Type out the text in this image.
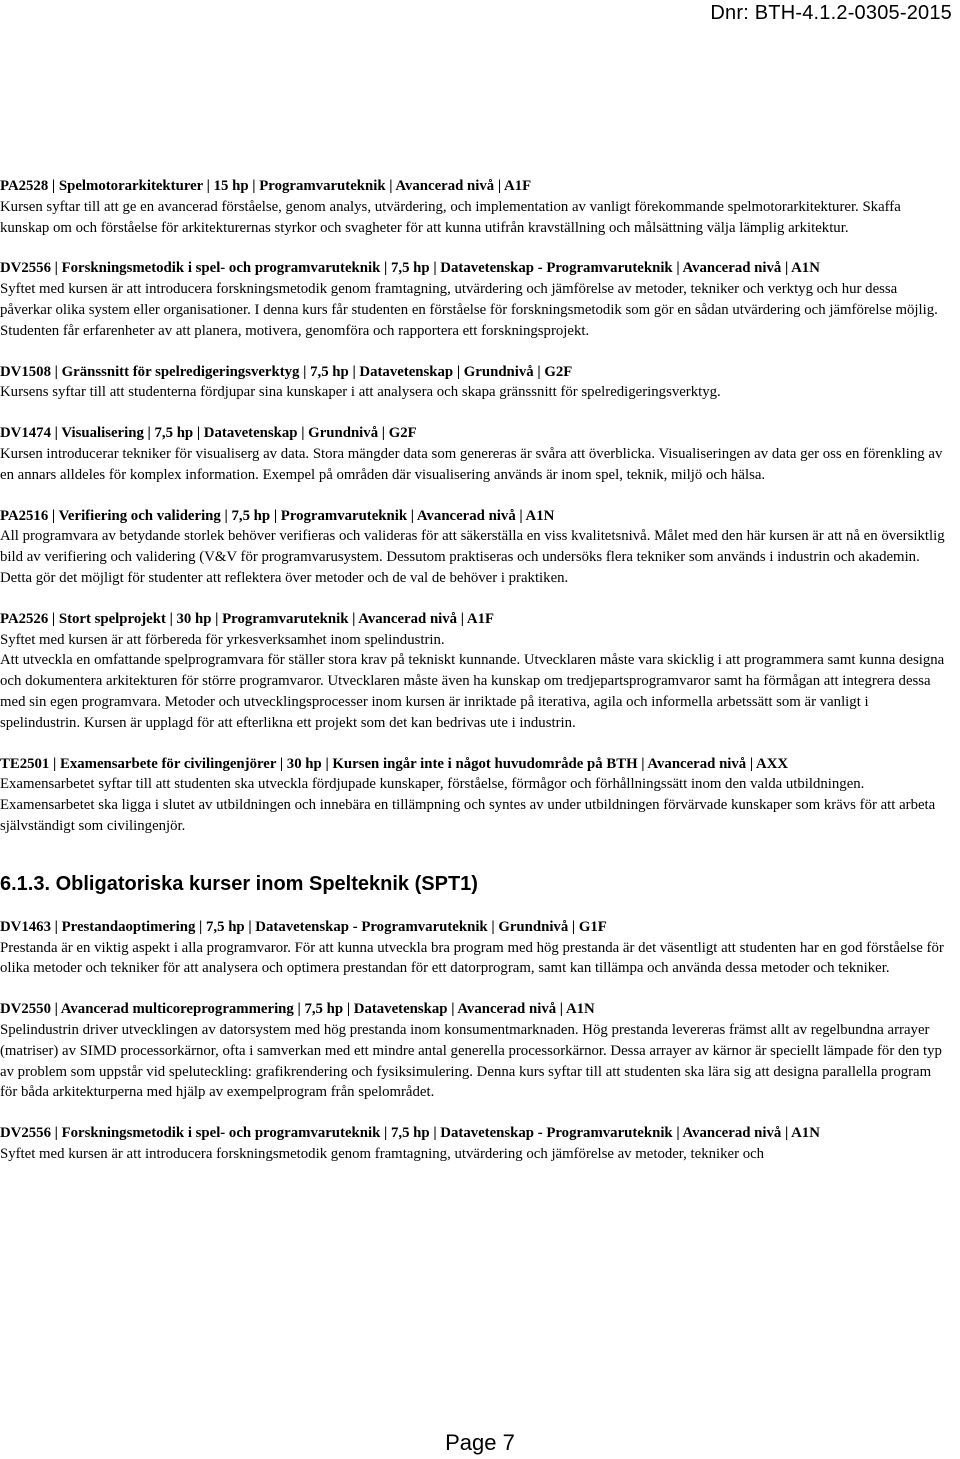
Dnr: BTH-4.1.2-0305-2015
PA2528 | Spelmotorarkitekturer | 15 hp | Programvaruteknik | Avancerad nivå | A1F

Kursen syftar till att ge en avancerad förståelse, genom analys, utvärdering, och implementation av vanligt förekommande spelmotorarkitekturer. Skaffa kunskap om och förståelse för arkitekturernas styrkor och svagheter för att kunna utifrån kravställning och målsättning välja lämplig arkitektur.

DV2556 | Forskningsmetodik i spel- och programvaruteknik | 7,5 hp | Datavetenskap - Programvaruteknik | Avancerad nivå | A1N

Syftet med kursen är att introducera forskningsmetodik genom framtagning, utvärdering och jämförelse av metoder, tekniker och verktyg och hur dessa påverkar olika system eller organisationer. I denna kurs får studenten en förståelse för forskningsmetodik som gör en sådan utvärdering och jämförelse möjlig. Studenten får erfarenheter av att planera, motivera, genomföra och rapportera ett forskningsprojekt.

DV1508 | Gränssnitt för spelredigeringsverktyg | 7,5 hp | Datavetenskap | Grundnivå | G2F

Kursens syftar till att studenterna fördjupar sina kunskaper i att analysera och skapa gränssnitt för spelredigeringsverktyg.

DV1474 | Visualisering | 7,5 hp | Datavetenskap | Grundnivå | G2F

Kursen introducerar tekniker för visualiserg av data. Stora mängder data som genereras är svåra att överblicka. Visualiseringen av data ger oss en förenkling av en annars alldeles för komplex information. Exempel på områden där visualisering används är inom spel, teknik, miljö och hälsa.

PA2516 | Verifiering och validering | 7,5 hp | Programvaruteknik | Avancerad nivå | A1N

All programvara av betydande storlek behöver verifieras och valideras för att säkerställa en viss kvalitetsnivå. Målet med den här kursen är att nå en översiktlig bild av verifiering och validering (V&V för programvarusystem. Dessutom praktiseras och undersöks flera tekniker som används i industrin och akademin. Detta gör det möjligt för studenter att reflektera över metoder och de val de behöver i praktiken.

PA2526 | Stort spelprojekt | 30 hp | Programvaruteknik | Avancerad nivå | A1F

Syftet med kursen är att förbereda för yrkesverksamhet inom spelindustrin.

Att utveckla en omfattande spelprogramvara för ställer stora krav på tekniskt kunnande. Utvecklaren måste vara skicklig i att programmera samt kunna designa och dokumentera arkitekturen för större programvaror. Utvecklaren måste även ha kunskap om tredjepartsprogramvaror samt ha förmågan att integrera dessa med sin egen programvara. Metoder och utvecklingsprocesser inom kursen är inriktade på iterativa, agila och informella arbetssätt som är vanligt i spelindustrin. Kursen är upplagd för att efterlikna ett projekt som det kan bedrivas ute i industrin.

TE2501 | Examensarbete för civilingenjörer | 30 hp | Kursen ingår inte i något huvudområde på BTH | Avancerad nivå | AXX

Examensarbetet syftar till att studenten ska utveckla fördjupade kunskaper, förståelse, förmågor och förhållningssätt inom den valda utbildningen. Examensarbetet ska ligga i slutet av utbildningen och innebära en tillämpning och syntes av under utbildningen förvärvade kunskaper som krävs för att arbeta självständigt som civilingenjör.

6.1.3. Obligatoriska kurser inom Spelteknik (SPT1)
DV1463 | Prestandaoptimering | 7,5 hp | Datavetenskap - Programvaruteknik | Grundnivå | G1F

Prestanda är en viktig aspekt i alla programvaror. För att kunna utveckla bra program med hög prestanda är det väsentligt att studenten har en god förståelse för olika metoder och tekniker för att analysera och optimera prestandan för ett datorprogram, samt kan tillämpa och använda dessa metoder och tekniker.

DV2550 | Avancerad multicoreprogrammering | 7,5 hp | Datavetenskap | Avancerad nivå | A1N

Spelindustrin driver utvecklingen av datorsystem med hög prestanda inom konsumentmarknaden. Hög prestanda levereras främst allt av regelbundna arrayer (matriser) av SIMD processorkärnor, ofta i samverkan med ett mindre antal generella processorkärnor. Dessa arrayer av kärnor är speciellt lämpade för den typ av problem som uppstår vid speluteckling: grafikrendering och fysiksimulering. Denna kurs syftar till att studenten ska lära sig att designa parallella program för båda arkitekturperna med hjälp av exempelprogram från spelområdet.

DV2556 | Forskningsmetodik i spel- och programvaruteknik | 7,5 hp | Datavetenskap - Programvaruteknik | Avancerad nivå | A1N

Syftet med kursen är att introducera forskningsmetodik genom framtagning, utvärdering och jämförelse av metoder, tekniker och

Page 7
